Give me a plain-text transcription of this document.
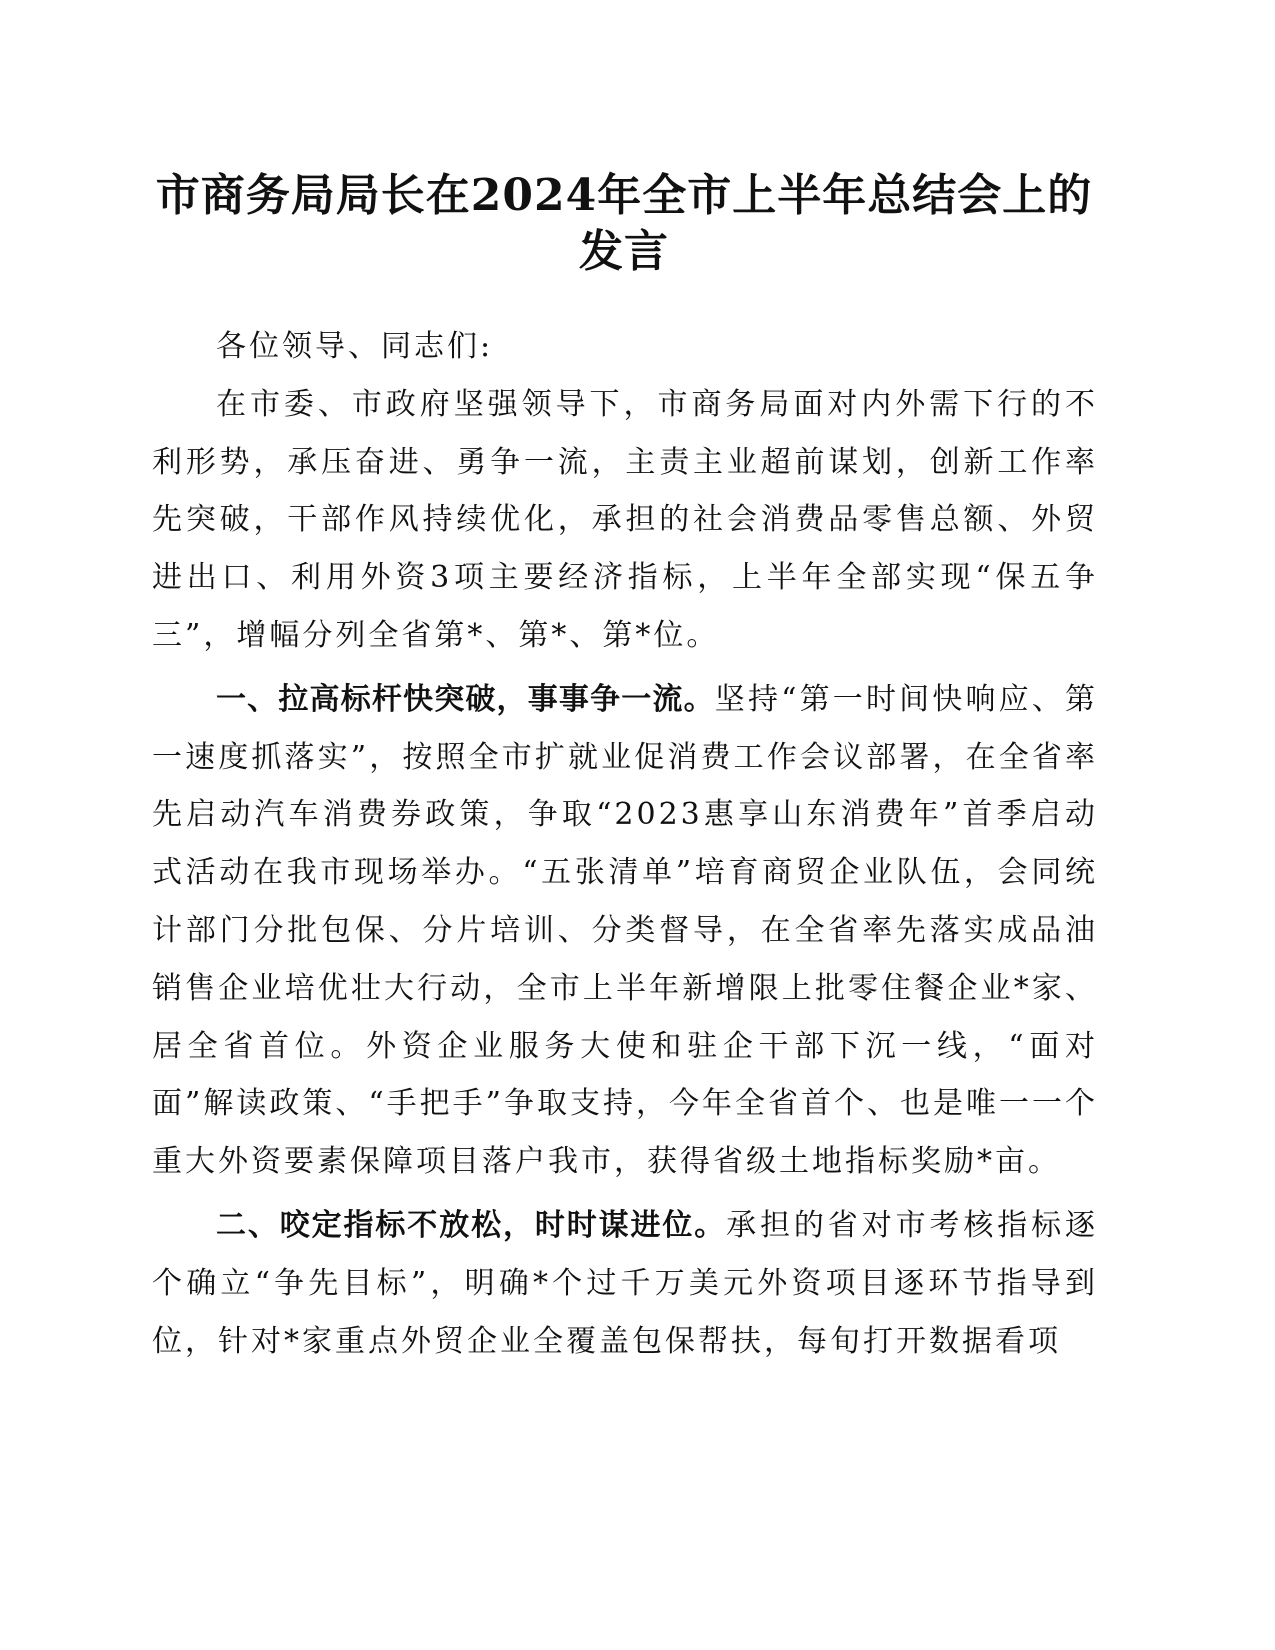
市商务局局长在2024年全市上半年总结会上的
发言

各位领导、同志们:

在市委、市政府坚强领导下，市商务局面对内外需下行的不利形势，承压奋进、勇争一流，主责主业超前谋划，创新工作率先突破，干部作风持续优化，承担的社会消费品零售总额、外贸进出口、利用外资3项主要经济指标，上半年全部实现“保五争三”，增幅分列全省第*、第*、第*位。

一、拉高标杆快突破，事事争一流。坚持“第一时间快响应、第一速度抓落实”，按照全市扩就业促消费工作会议部署，在全省率先启动汽车消费券政策，争取“2023惠享山东消费年”首季启动式活动在我市现场举办。“五张清单”培育商贸企业队伍，会同统计部门分批包保、分片培训、分类督导，在全省率先落实成品油销售企业培优壮大行动，全市上半年新增限上批零住餐企业*家、居全省首位。外资企业服务大使和驻企干部下沉一线，“面对面”解读政策、“手把手”争取支持，今年全省首个、也是唯一一个重大外资要素保障项目落户我市，获得省级土地指标奖励*亩。

二、咬定指标不放松，时时谋进位。承担的省对市考核指标逐个确立“争先目标”，明确*个过千万美元外资项目逐环节指导到位，针对*家重点外贸企业全覆盖包保帮扶，每旬打开数据看项
